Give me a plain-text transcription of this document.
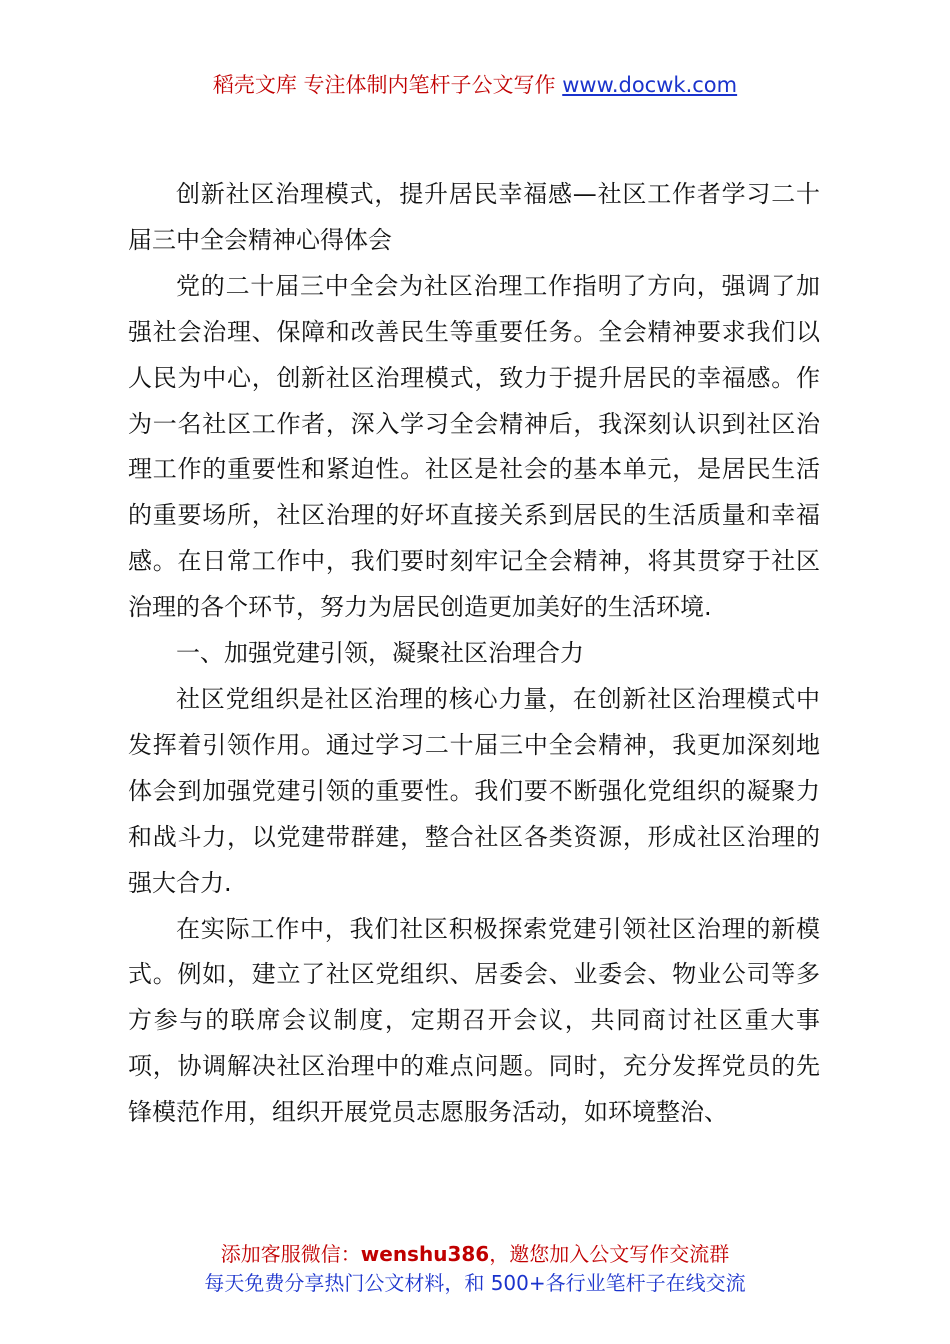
稻壳文库 专注体制内笔杆子公文写作 www.docwk.com

创新社区治理模式，提升居民幸福感—社区工作者学习二十届三中全会精神心得体会

党的二十届三中全会为社区治理工作指明了方向，强调了加强社会治理、保障和改善民生等重要任务。全会精神要求我们以人民为中心，创新社区治理模式，致力于提升居民的幸福感。作为一名社区工作者，深入学习全会精神后，我深刻认识到社区治理工作的重要性和紧迫性。社区是社会的基本单元，是居民生活的重要场所，社区治理的好坏直接关系到居民的生活质量和幸福感。在日常工作中，我们要时刻牢记全会精神，将其贯穿于社区治理的各个环节，努力为居民创造更加美好的生活环境.

一、加强党建引领，凝聚社区治理合力

社区党组织是社区治理的核心力量，在创新社区治理模式中发挥着引领作用。通过学习二十届三中全会精神，我更加深刻地体会到加强党建引领的重要性。我们要不断强化党组织的凝聚力和战斗力，以党建带群建，整合社区各类资源，形成社区治理的强大合力.

在实际工作中，我们社区积极探索党建引领社区治理的新模式。例如，建立了社区党组织、居委会、业委会、物业公司等多方参与的联席会议制度，定期召开会议，共同商讨社区重大事项，协调解决社区治理中的难点问题。同时，充分发挥党员的先锋模范作用，组织开展党员志愿服务活动，如环境整治、

添加客服微信：wenshu386，邀您加入公文写作交流群
每天免费分享热门公文材料，和 500+各行业笔杆子在线交流
